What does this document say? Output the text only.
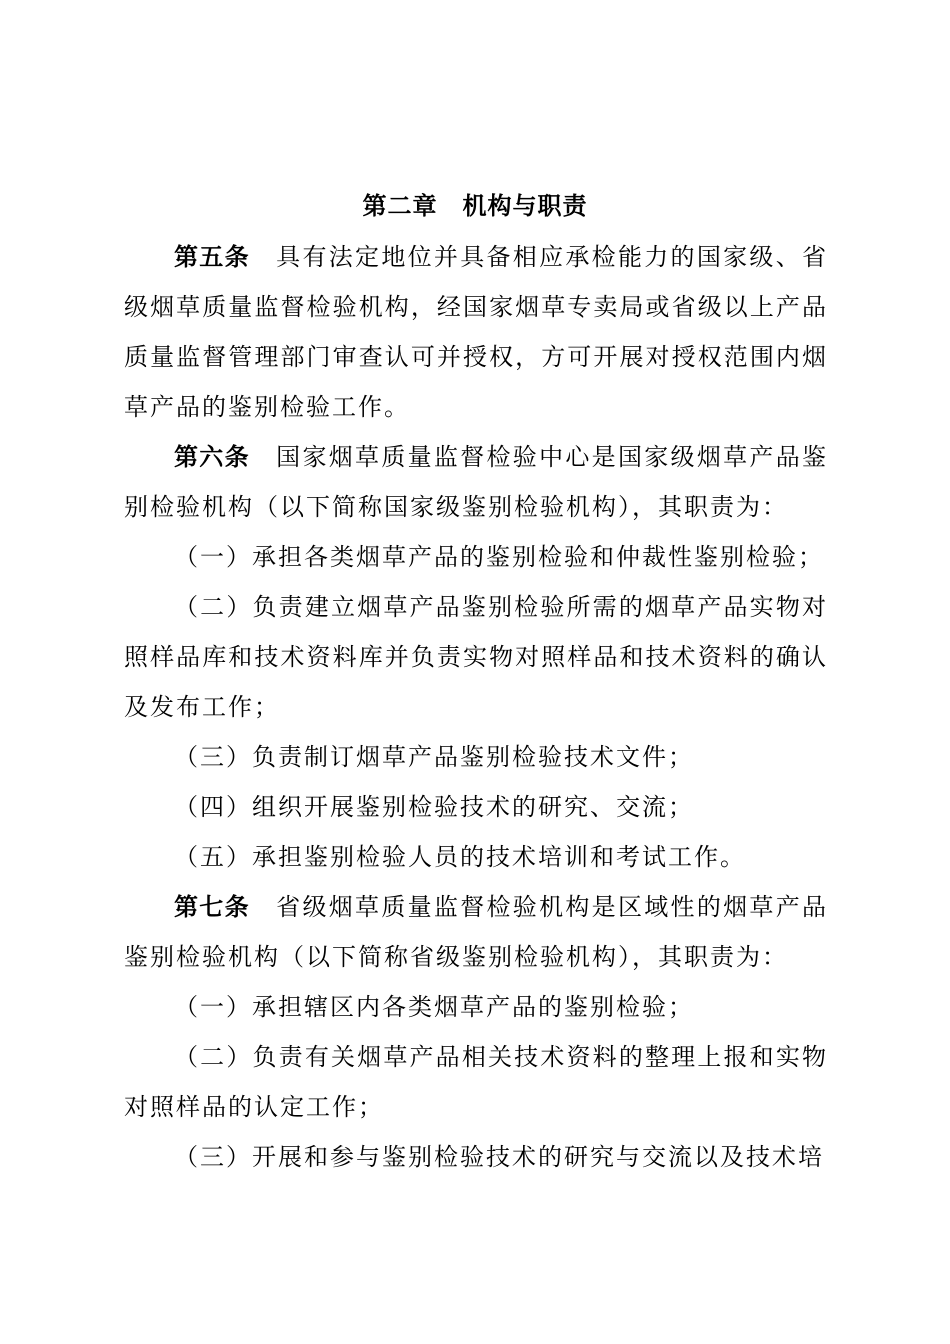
第二章　机构与职责

第五条 具有法定地位并具备相应承检能力的国家级、省级烟草质量监督检验机构，经国家烟草专卖局或省级以上产品质量监督管理部门审查认可并授权，方可开展对授权范围内烟草产品的鉴别检验工作。

第六条 国家烟草质量监督检验中心是国家级烟草产品鉴别检验机构（以下简称国家级鉴别检验机构），其职责为：

（一）承担各类烟草产品的鉴别检验和仲裁性鉴别检验；

（二）负责建立烟草产品鉴别检验所需的烟草产品实物对照样品库和技术资料库并负责实物对照样品和技术资料的确认及发布工作；

（三）负责制订烟草产品鉴别检验技术文件；

（四）组织开展鉴别检验技术的研究、交流；

（五）承担鉴别检验人员的技术培训和考试工作。

第七条 省级烟草质量监督检验机构是区域性的烟草产品鉴别检验机构（以下简称省级鉴别检验机构），其职责为：

（一）承担辖区内各类烟草产品的鉴别检验；

（二）负责有关烟草产品相关技术资料的整理上报和实物对照样品的认定工作；

（三）开展和参与鉴别检验技术的研究与交流以及技术培
